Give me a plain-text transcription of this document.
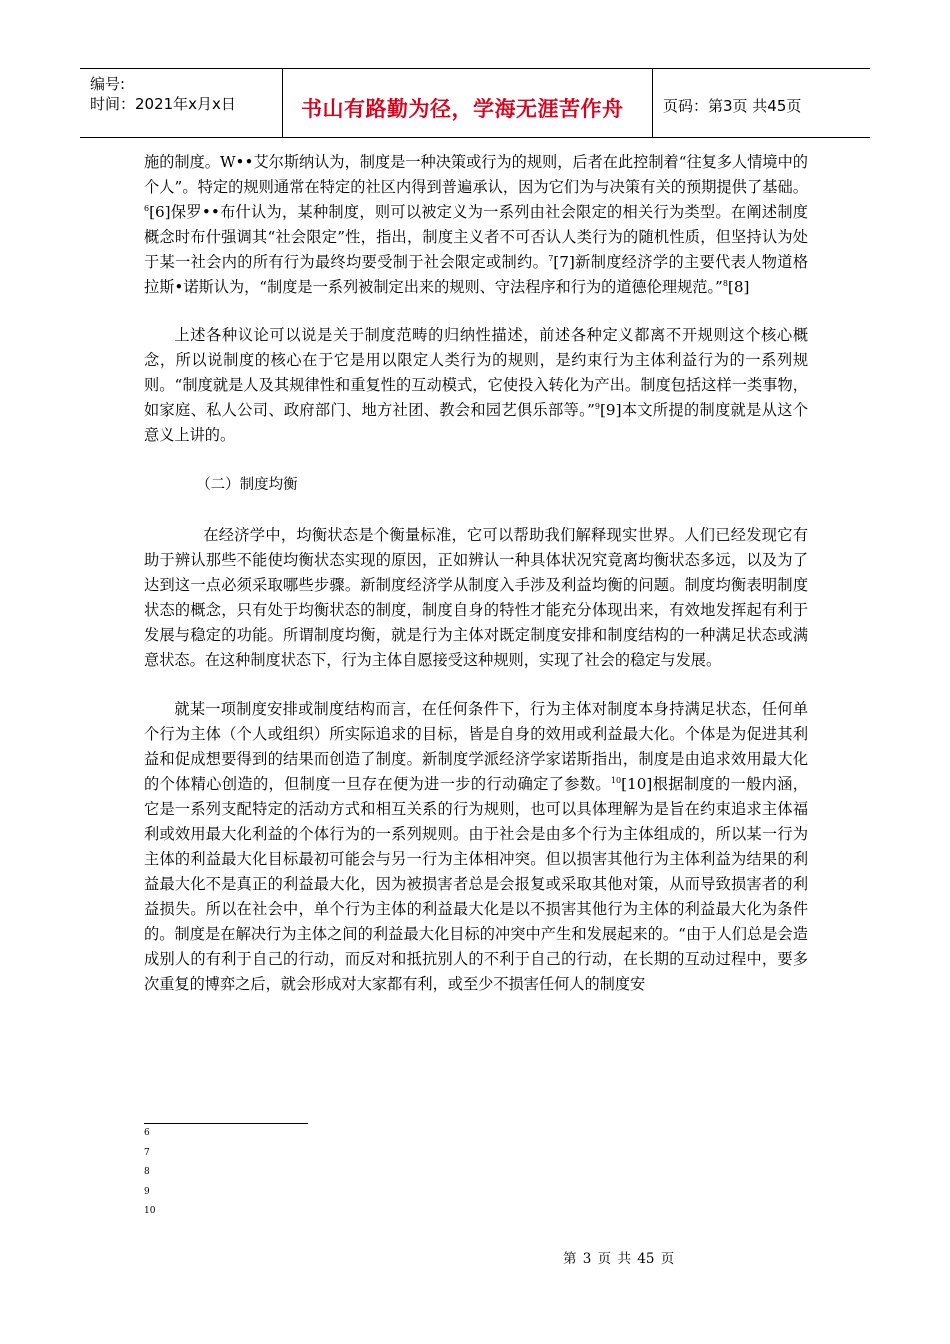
编号:
时间：2021年x月x日	书山有路勤为径，学海无涯苦作舟	页码：第3页 共45页

施的制度。W••艾尔斯纳认为，制度是一种决策或行为的规则，后者在此控制着“往复多人情境中的个人”。特定的规则通常在特定的社区内得到普遍承认，因为它们为与决策有关的预期提供了基础。$^6$[6]保罗••布什认为，某种制度，则可以被定义为一系列由社会限定的相关行为类型。在阐述制度概念时布什强调其“社会限定”性，指出，制度主义者不可否认人类行为的随机性质，但坚持认为处于某一社会内的所有行为最终均要受制于社会限定或制约。$^7$[7]新制度经济学的主要代表人物道格拉斯•诺斯认为，“制度是一系列被制定出来的规则、守法程序和行为的道德伦理规范。”$^8$[8]

上述各种议论可以说是关于制度范畴的归纳性描述，前述各种定义都离不开规则这个核心概念，所以说制度的核心在于它是用以限定人类行为的规则，是约束行为主体利益行为的一系列规则。“制度就是人及其规律性和重复性的互动模式，它使投入转化为产出。制度包括这样一类事物，如家庭、私人公司、政府部门、地方社团、教会和园艺俱乐部等。”$^9$[9]本文所提的制度就是从这个意义上讲的。

（二）制度均衡

在经济学中，均衡状态是个衡量标准，它可以帮助我们解释现实世界。人们已经发现它有助于辨认那些不能使均衡状态实现的原因，正如辨认一种具体状况究竟离均衡状态多远，以及为了达到这一点必须采取哪些步骤。新制度经济学从制度入手涉及利益均衡的问题。制度均衡表明制度状态的概念，只有处于均衡状态的制度，制度自身的特性才能充分体现出来，有效地发挥起有利于发展与稳定的功能。所谓制度均衡，就是行为主体对既定制度安排和制度结构的一种满足状态或满意状态。在这种制度状态下，行为主体自愿接受这种规则，实现了社会的稳定与发展。

就某一项制度安排或制度结构而言，在任何条件下，行为主体对制度本身持满足状态，任何单个行为主体（个人或组织）所实际追求的目标，皆是自身的效用或利益最大化。个体是为促进其利益和促成想要得到的结果而创造了制度。新制度学派经济学家诺斯指出，制度是由追求效用最大化的个体精心创造的，但制度一旦存在便为进一步的行动确定了参数。$^{10}$[10]根据制度的一般内涵，它是一系列支配特定的活动方式和相互关系的行为规则，也可以具体理解为是旨在约束追求主体福利或效用最大化利益的个体行为的一系列规则。由于社会是由多个行为主体组成的，所以某一行为主体的利益最大化目标最初可能会与另一行为主体相冲突。但以损害其他行为主体利益为结果的利益最大化不是真正的利益最大化，因为被损害者总是会报复或采取其他对策，从而导致损害者的利益损失。所以在社会中，单个行为主体的利益最大化是以不损害其他行为主体的利益最大化为条件的。制度是在解决行为主体之间的利益最大化目标的冲突中产生和发展起来的。“由于人们总是会造成别人的有利于自己的行动，而反对和抵抗别人的不利于自己的行动，在长期的互动过程中，要多次重复的博弈之后，就会形成对大家都有利，或至少不损害任何人的制度安

6
7
8
9
10
第 3 页 共 45 页
